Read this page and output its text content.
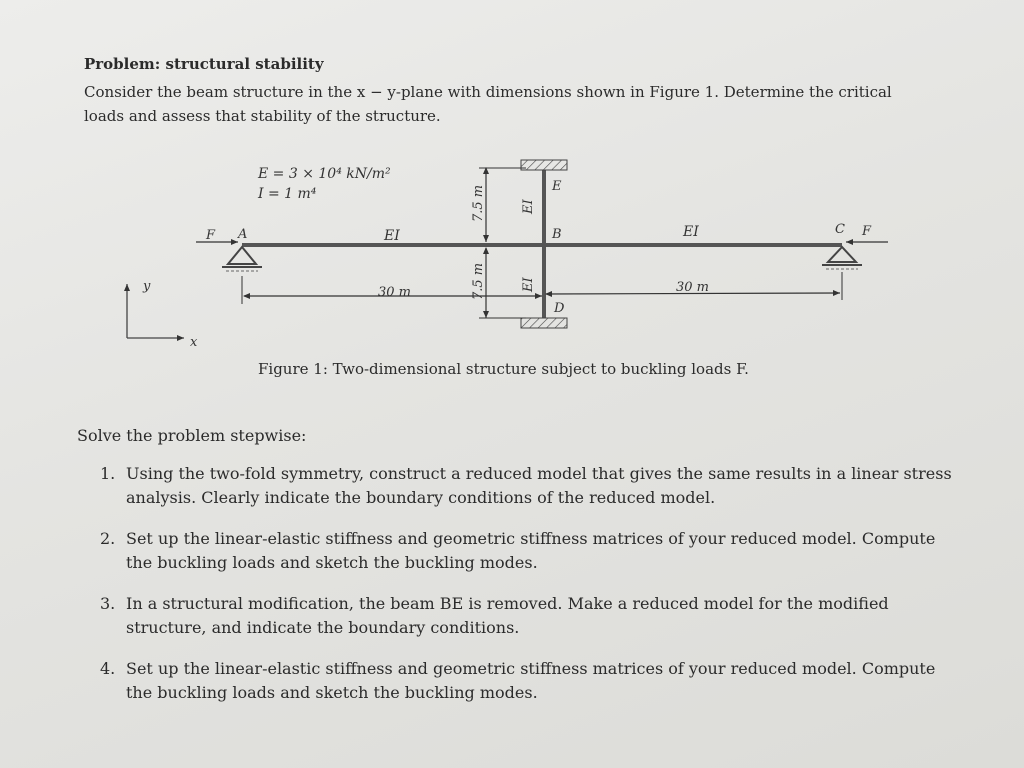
Problem: structural stability
Consider the beam structure in the x − y-plane with dimensions shown in Figure 1. Determine the critical loads and assess that stability of the structure.
E = 3 × 10⁴ kN/m²
I = 1 m⁴
F	F
A	B	C
D
E
EI	EI
EI
EI
7.5 m
7.5 m
30 m	30 m
y
x
Figure 1: Two-dimensional structure subject to buckling loads F.
Solve the problem stepwise:
1. Using the two-fold symmetry, construct a reduced model that gives the same results in a linear stress analysis. Clearly indicate the boundary conditions of the reduced model.
2. Set up the linear-elastic stiffness and geometric stiffness matrices of your reduced model. Compute the buckling loads and sketch the buckling modes.
3. In a structural modification, the beam BE is removed. Make a reduced model for the modified structure, and indicate the boundary conditions.
4. Set up the linear-elastic stiffness and geometric stiffness matrices of your reduced model. Compute the buckling loads and sketch the buckling modes.
